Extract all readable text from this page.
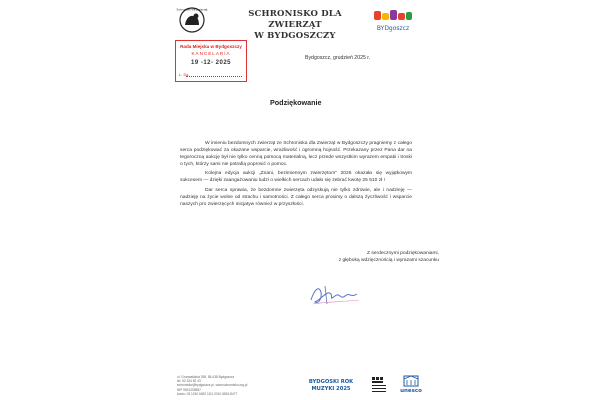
Schronisko dla Zwierząt	SCHRONISKO DLA ZWIERZĄT
W BYDGOSZCZY
BYDgoszcz
Rada Miejska w Bydgoszczy
KANCELARIA
19 -12- 2025
L. Dz.
Bydgoszcz, grudzień 2025 r.
Podziękowanie

W imieniu bezdomnych zwierząt ze Schroniska dla Zwierząt w Bydgoszczy pragniemy z całego serca podziękować za okazane wsparcie, wrażliwość i ogromną hojność. Przekazany przez Pana dar na tegoroczną aukcję był nie tylko cenną pomocą materialną, lecz przede wszystkim wyrazem empatii i troski o tych, którzy sami nie potrafią poprosić o pomoc.

Kolejna edycja aukcji „Znani, bezimiennym zwierzętom" 2025 okazała się wyjątkowym sukcesem — dzięki zaangażowaniu ludzi o wielkich sercach udało się zebrać kwotę 25 510 zł !

Dar serca sprawia, że bezdomne zwierzęta odzyskują nie tylko zdrowie, ale i nadzieję — nadzieję na życie wolne od strachu i samotności. Z całego serca prosimy o dalszą życzliwość i wsparcie naszych pro zwierzęcych inicjatyw również w przyszłości.

Z serdecznymi podziękowaniami,
z głęboką wdzięcznością i wyrazami szacunku
ul. Grunwaldzka 298, 85-438 Bydgoszcz
tel. 52 324 62 43
schronisko@bydgoszcz.pl, www.schronisko.org.pl
NIP 9531209587
konto: 03 1240 6452 1111 0010 6815 8477
BYDGOSKI ROK
MUZYKI 2025	unesco
